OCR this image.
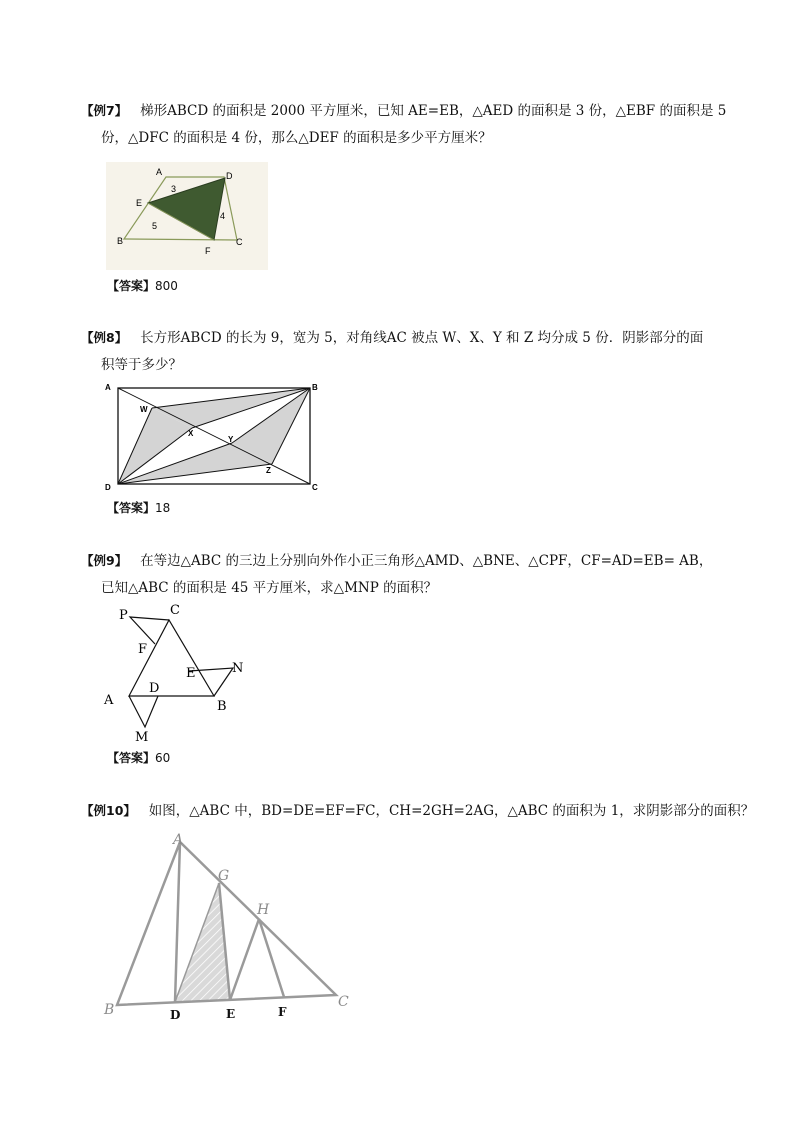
【例7】 梯形ABCD 的面积是 2000 平方厘米，已知 AE=EB，△AED 的面积是 3 份，△EBF 的面积是 5
份，△DFC 的面积是 4 份，那么△DEF 的面积是多少平方厘米？
A	D
E
B
F
C
3
4
5
【答案】800
【例8】 长方形ABCD 的长为 9，宽为 5，对角线AC 被点 W、X、Y 和 Z 均分成 5 份．阴影部分的面
积等于多少？
A	B
C
D
W
X
Y
Z
【答案】18
【例9】 在等边△ABC 的三边上分别向外作小正三角形△AMD、△BNE、△CPF，CF=AD=EB= AB，
已知△ABC 的面积是 45 平方厘米，求△MNP 的面积？
P	C
F
N
E
D
A	B
M
【答案】60
【例10】 如图，△ABC 中，BD=DE=EF=FC，CH=2GH=2AG，△ABC 的面积为 1，求阴影部分的面积？
A
G
H
B	C
D	E	F
